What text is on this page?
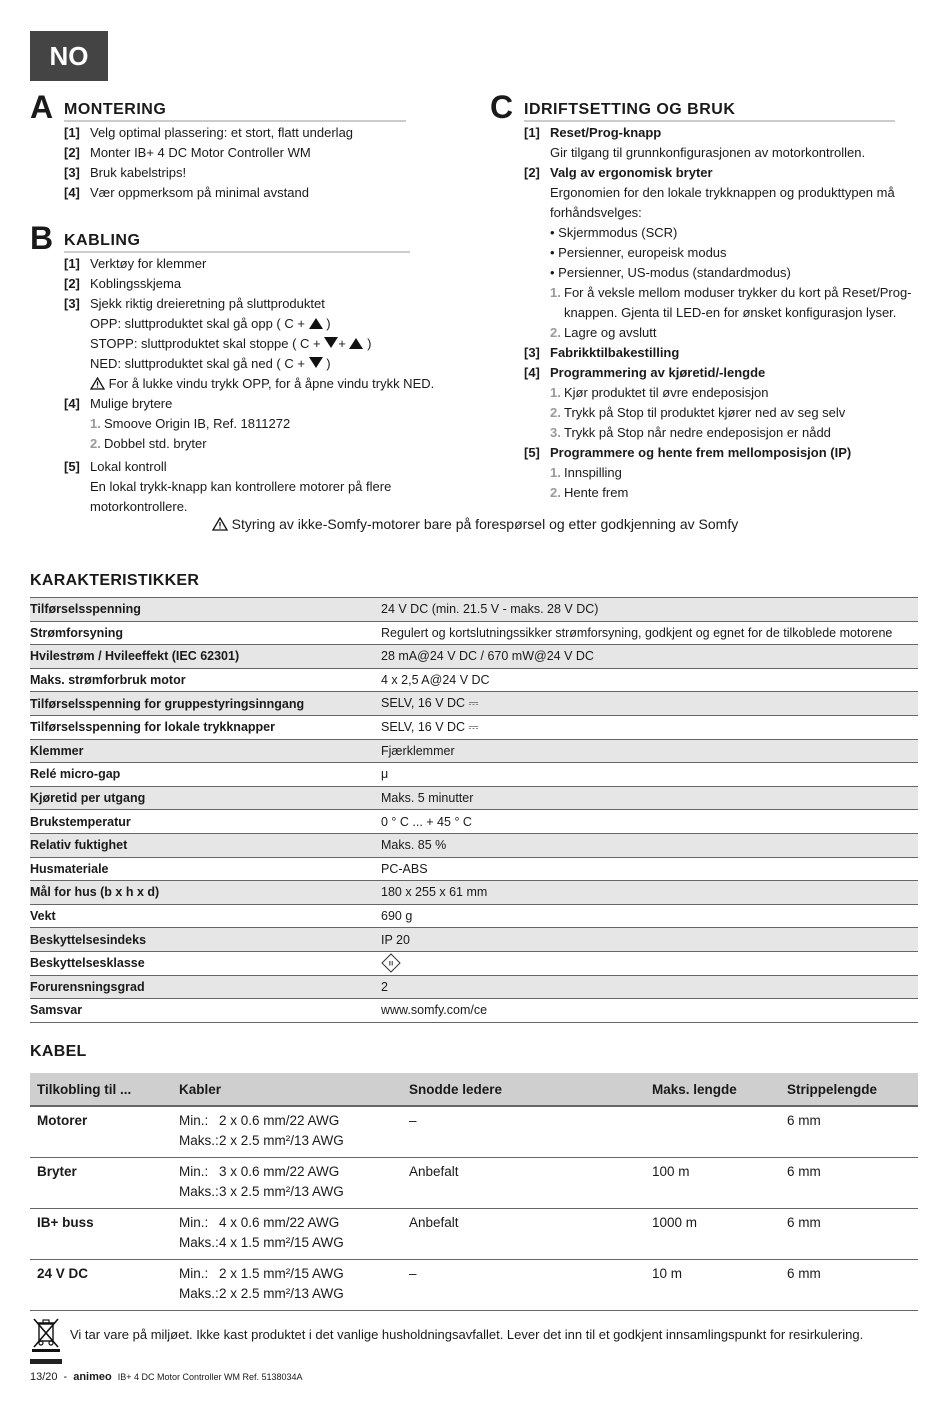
NO
A MONTERING
[1] Velg optimal plassering: et stort, flatt underlag
[2] Monter IB+ 4 DC Motor Controller WM
[3] Bruk kabelstrips!
[4] Vær oppmerksom på minimal avstand
B KABLING
[1] Verktøy for klemmer
[2] Koblingsskjema
[3] Sjekk riktig dreieretning på sluttproduktet
OPP: sluttproduktet skal gå opp ( C + )
STOPP: sluttproduktet skal stoppe ( C + + )
NED: sluttproduktet skal gå ned ( C + )
For å lukke vindu trykk OPP, for å åpne vindu trykk NED.
[4] Mulige brytere
1. Smoove Origin IB, Ref. 1811272
2. Dobbel std. bryter
[5] Lokal kontroll
En lokal trykk-knapp kan kontrollere motorer på flere motorkontrollere.
C IDRIFTSETTING OG BRUK
[1] Reset/Prog-knapp
Gir tilgang til grunnkonfigurasjonen av motorkontrollen.
[2] Valg av ergonomisk bryter
Ergonomien for den lokale trykknappen og produkttypen må forhåndsvelges:
• Skjermmodus (SCR)
• Persienner, europeisk modus
• Persienner, US-modus (standardmodus)
1. For å veksle mellom moduser trykker du kort på Reset/Prog-knappen. Gjenta til LED-en for ønsket konfigurasjon lyser.
2. Lagre og avslutt
[3] Fabrikktilbakestilling
[4] Programmering av kjøretid/-lengde
1. Kjør produktet til øvre endeposisjon
2. Trykk på Stop til produktet kjører ned av seg selv
3. Trykk på Stop når nedre endeposisjon er nådd
[5] Programmere og hente frem mellomposisjon (IP)
1. Innspilling
2. Hente frem
Styring av ikke-Somfy-motorer bare på forespørsel og etter godkjenning av Somfy
KARAKTERISTIKKER
Tilførselsspenning	24 V DC (min. 21.5 V - maks. 28 V DC)
Strømforsyning	Regulert og kortslutningssikker strømforsyning, godkjent og egnet for de tilkoblede motorene
Hvilestrøm / Hvileeffekt (IEC 62301)	28 mA@24 V DC / 670 mW@24 V DC
Maks. strømforbruk motor	4 x 2,5 A@24 V DC
Tilførselsspenning for gruppestyringsinngang	SELV, 16 V DC ⎓
Tilførselsspenning for lokale trykknapper	SELV, 16 V DC ⎓
Klemmer	Fjærklemmer
Relé micro-gap	μ
Kjøretid per utgang	Maks. 5 minutter
Brukstemperatur	0 ° C ... + 45 ° C
Relativ fuktighet	Maks. 85 %
Husmateriale	PC-ABS
Mål for hus (b x h x d)	180 x 255 x 61 mm
Vekt	690 g
Beskyttelsesindeks	IP 20
Beskyttelsesklasse	III

Forurensningsgrad	2
Samsvar	www.somfy.com/ce
KABEL
Tilkobling til ...	Kabler	Snodde ledere	Maks. lengde	Strippelengde
Motorer	Min.: 2 x 0.6 mm/22 AWG
Maks.: 2 x 2.5 mm²/13 AWG	–		6 mm
Bryter	Min.: 3 x 0.6 mm/22 AWG
Maks.: 3 x 2.5 mm²/13 AWG	Anbefalt	100 m	6 mm
IB+ buss	Min.: 4 x 0.6 mm/22 AWG
Maks.: 4 x 1.5 mm²/15 AWG	Anbefalt	1000 m	6 mm
24 V DC	Min.: 2 x 1.5 mm²/15 AWG
Maks.: 2 x 2.5 mm²/13 AWG	–	10 m	6 mm
Vi tar vare på miljøet. Ikke kast produktet i det vanlige husholdningsavfallet. Lever det inn til et godkjent innsamlingspunkt for resirkulering.
13/20 - animeo IB+ 4 DC Motor Controller WM Ref. 5138034A
